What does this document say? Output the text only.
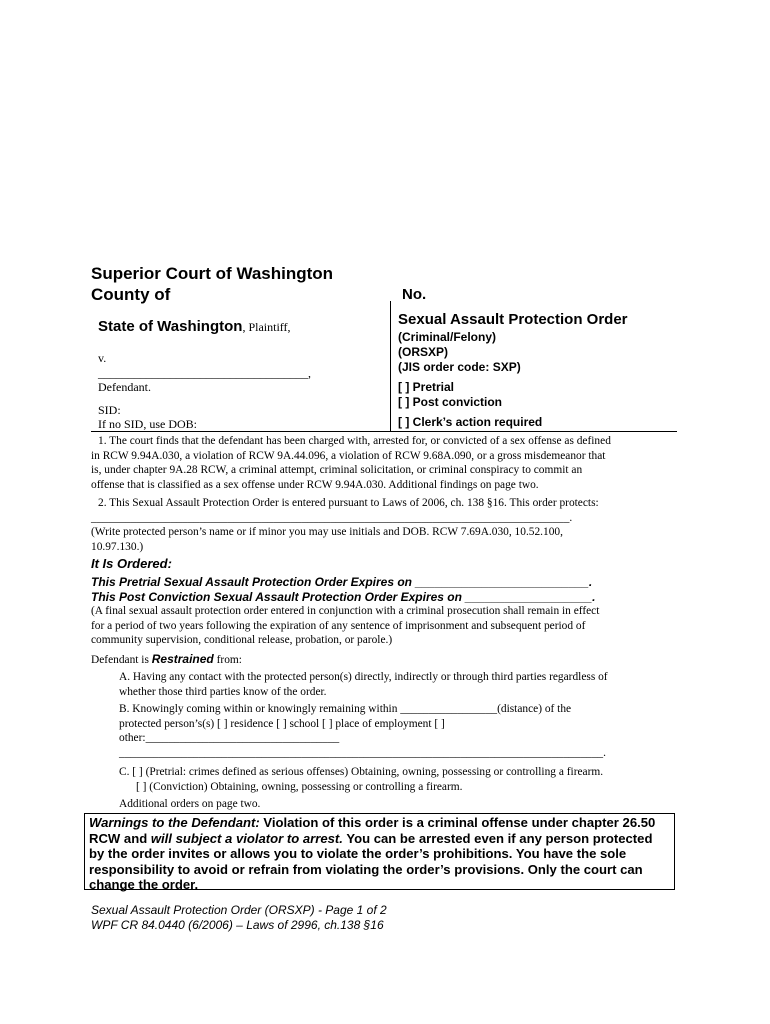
Superior Court of Washington
County of	No.
State of Washington, Plaintiff,
v.
___________________________________,
Defendant.
SID:
If no SID, use DOB:
Sexual Assault Protection Order
(Criminal/Felony)
(ORSXP)
(JIS order code: SXP)
[ ] Pretrial
[ ] Post conviction
[ ] Clerk’s action required
1. The court finds that the defendant has been charged with, arrested for, or convicted of a sex offense as defined
in RCW 9.94A.030, a violation of RCW 9A.44.096, a violation of RCW 9.68A.090, or a gross misdemeanor that
is, under chapter 9A.28 RCW, a criminal attempt, criminal solicitation, or criminal conspiracy to commit an
offense that is classified as a sex offense under RCW 9.94A.030. Additional findings on page two.
2. This Sexual Assault Protection Order is entered pursuant to Laws of 2006, ch. 138 §16. This order protects:
____________________________________________________________________________________.
(Write protected person’s name or if minor you may use initials and DOB. RCW 7.69A.030, 10.52.100,
10.97.130.)
It Is Ordered:
This Pretrial Sexual Assault Protection Order Expires on __________________________.
This Post Conviction Sexual Assault Protection Order Expires on ___________________.
(A final sexual assault protection order entered in conjunction with a criminal prosecution shall remain in effect
for a period of two years following the expiration of any sentence of imprisonment and subsequent period of
community supervision, conditional release, probation, or parole.)
Defendant is Restrained from:
A. Having any contact with the protected person(s) directly, indirectly or through third parties regardless of
whether those third parties know of the order.
B. Knowingly coming within or knowingly remaining within _________________(distance) of the
protected person’s(s) [ ] residence [ ] school [ ] place of employment [ ]
other:__________________________________
_____________________________________________________________________________________.
C. [ ] (Pretrial: crimes defined as serious offenses) Obtaining, owning, possessing or controlling a firearm.
[ ] (Conviction) Obtaining, owning, possessing or controlling a firearm.
Additional orders on page two.
Warnings to the Defendant: Violation of this order is a criminal offense under chapter 26.50 RCW and will subject a violator to arrest. You can be arrested even if any person protected by the order invites or allows you to violate the order’s prohibitions. You have the sole responsibility to avoid or refrain from violating the order’s provisions. Only the court can change the order.
Sexual Assault Protection Order (ORSXP) - Page 1 of 2
WPF CR 84.0440 (6/2006) – Laws of 2996, ch.138 §16
